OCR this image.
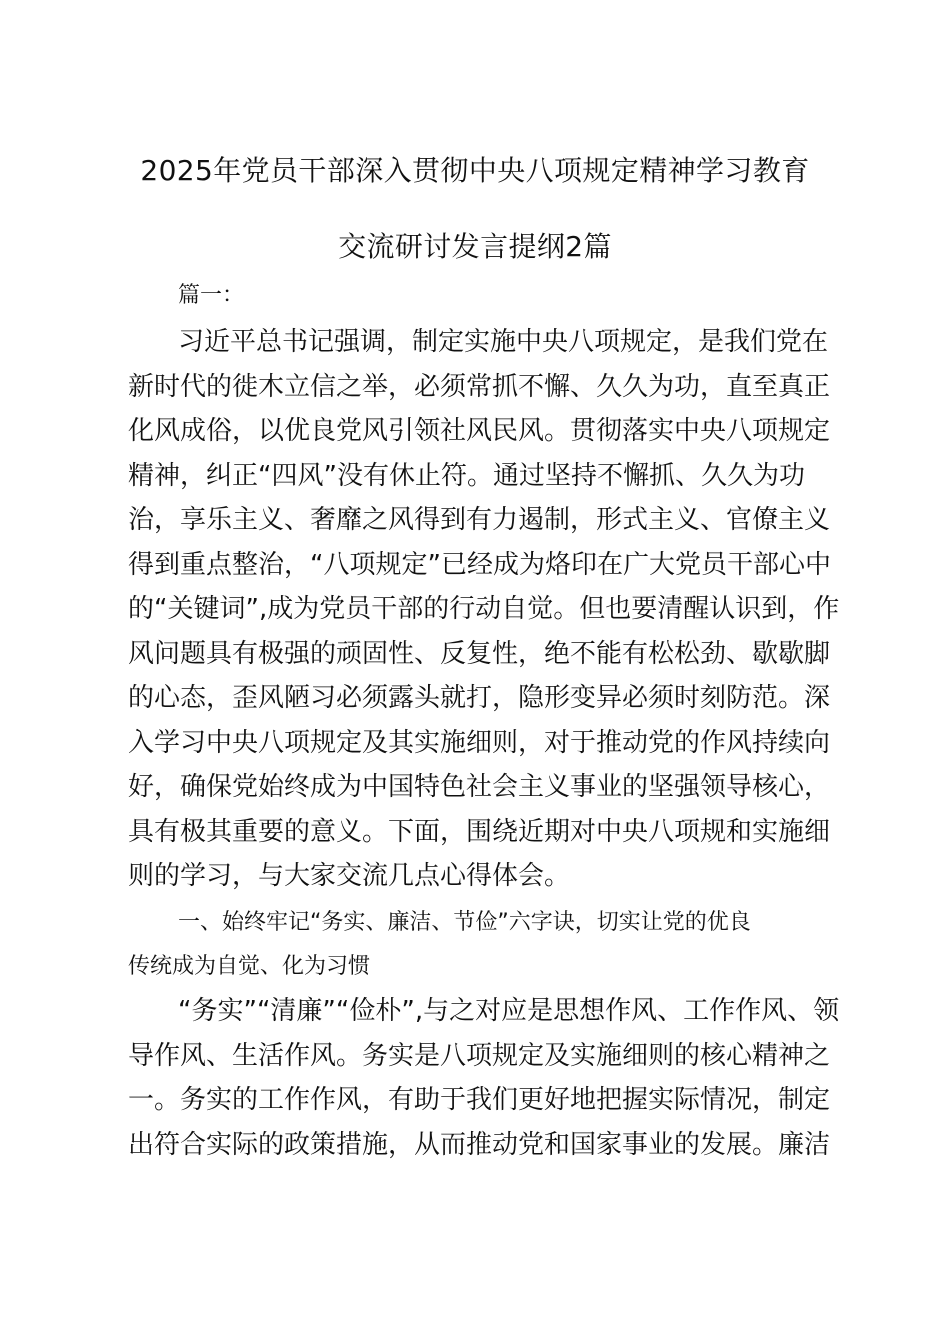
2025年党员干部深入贯彻中央八项规定精神学习教育
交流研讨发言提纲2篇
篇一：
习近平总书记强调，制定实施中央八项规定，是我们党在
新时代的徙木立信之举，必须常抓不懈、久久为功，直至真正
化风成俗，以优良党风引领社风民风。贯彻落实中央八项规定
精神，纠正“四风”没有休止符。通过坚持不懈抓、久久为功
治，享乐主义、奢靡之风得到有力遏制，形式主义、官僚主义
得到重点整治，“八项规定”已经成为烙印在广大党员干部心中
的“关键词”,成为党员干部的行动自觉。但也要清醒认识到，作
风问题具有极强的顽固性、反复性，绝不能有松松劲、歇歇脚
的心态，歪风陋习必须露头就打，隐形变异必须时刻防范。深
入学习中央八项规定及其实施细则，对于推动党的作风持续向
好，确保党始终成为中国特色社会主义事业的坚强领导核心，
具有极其重要的意义。下面，围绕近期对中央八项规和实施细
则的学习，与大家交流几点心得体会。
一、始终牢记“务实、廉洁、节俭”六字诀，切实让党的优良
传统成为自觉、化为习惯
“务实”“清廉”“俭朴”,与之对应是思想作风、工作作风、领
导作风、生活作风。务实是八项规定及实施细则的核心精神之
一。务实的工作作风，有助于我们更好地把握实际情况，制定
出符合实际的政策措施，从而推动党和国家事业的发展。廉洁
